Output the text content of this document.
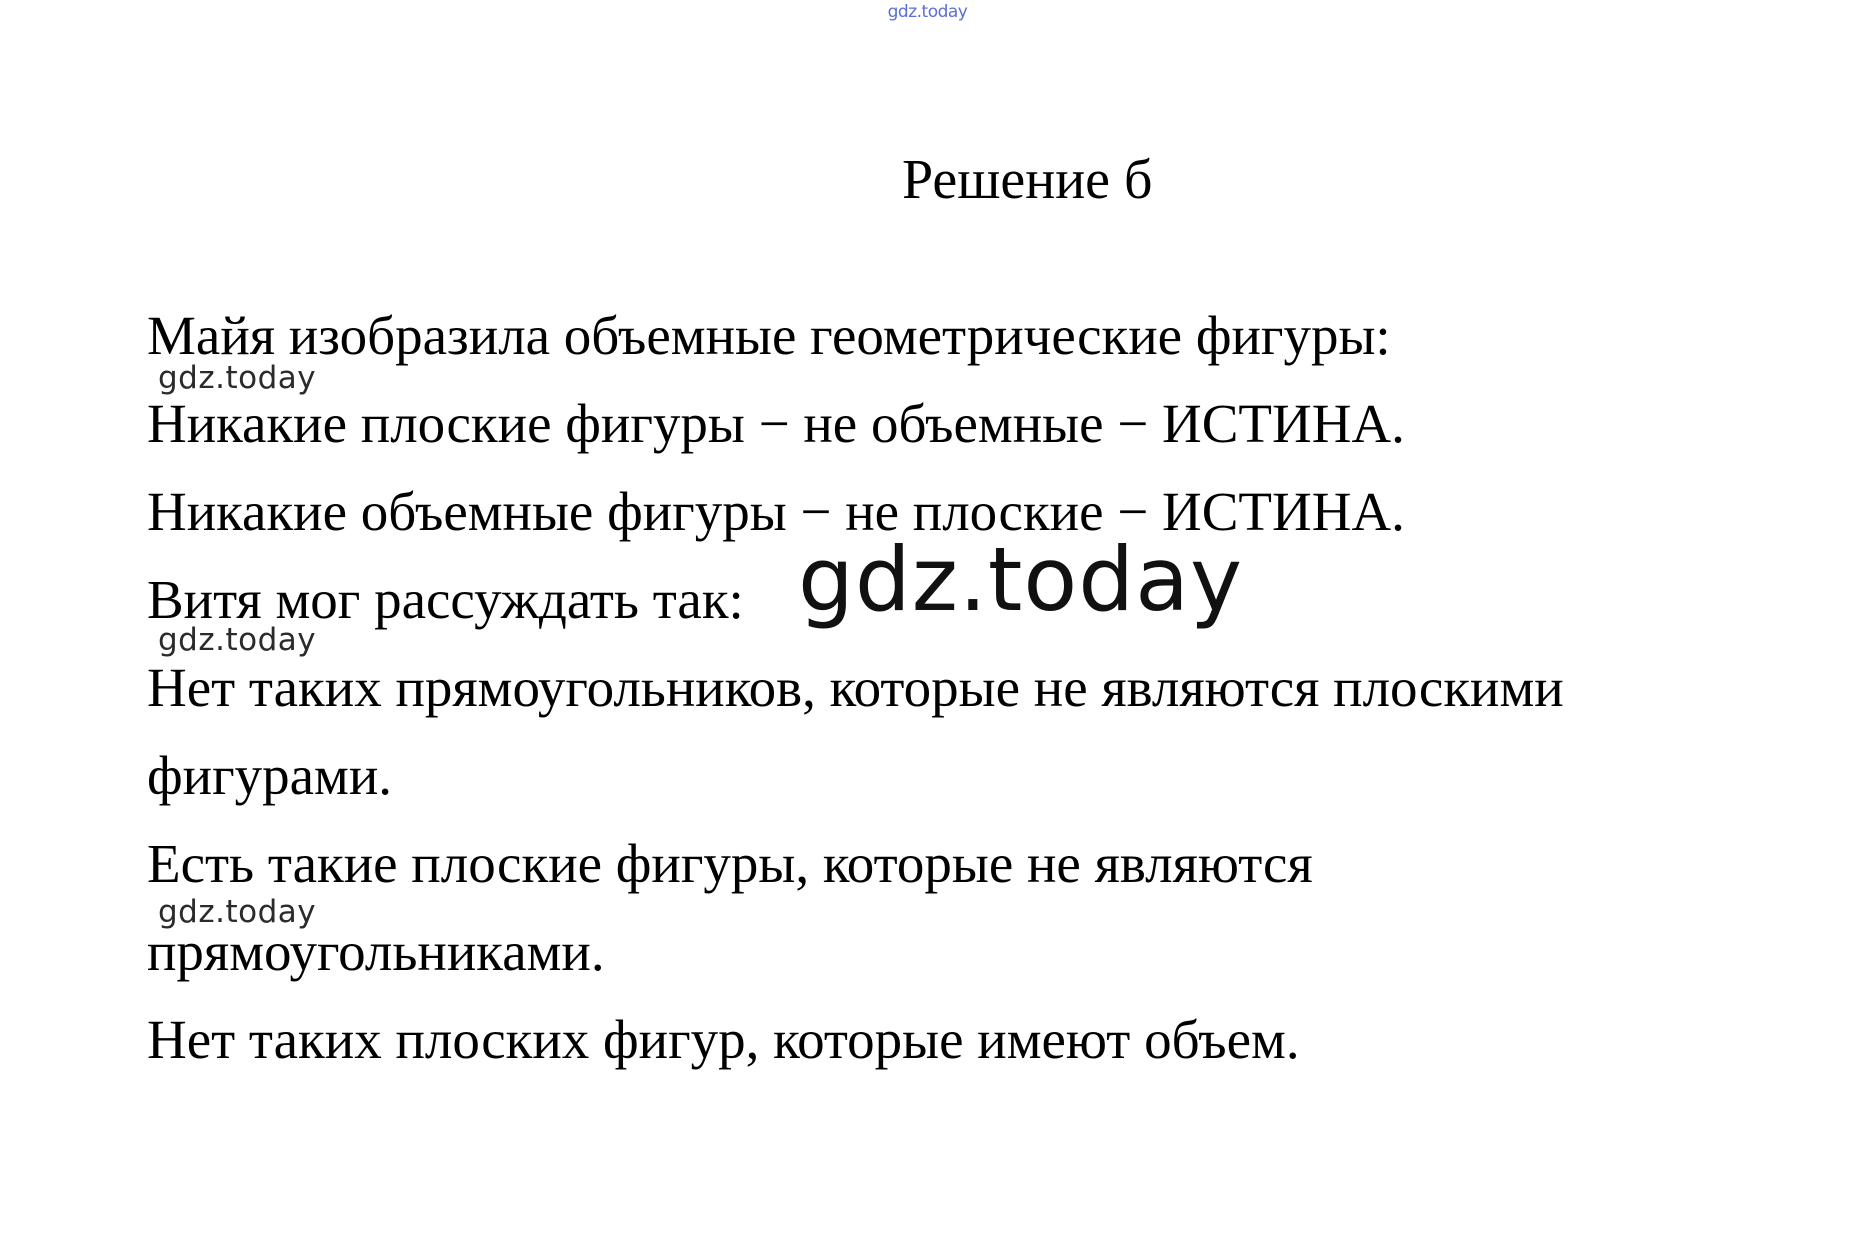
gdz.today
Решение б
Майя изобразила объемные геометрические фигуры:
gdz.today
Никакие плоские фигуры − не объемные − ИСТИНА.
Никакие объемные фигуры − не плоские − ИСТИНА.
Витя мог рассуждать так: gdz.today
gdz.today
Нет таких прямоугольников, которые не являются плоскими
фигурами.
Есть такие плоские фигуры, которые не являются
gdz.today
прямоугольниками.
Нет таких плоских фигур, которые имеют объем.
